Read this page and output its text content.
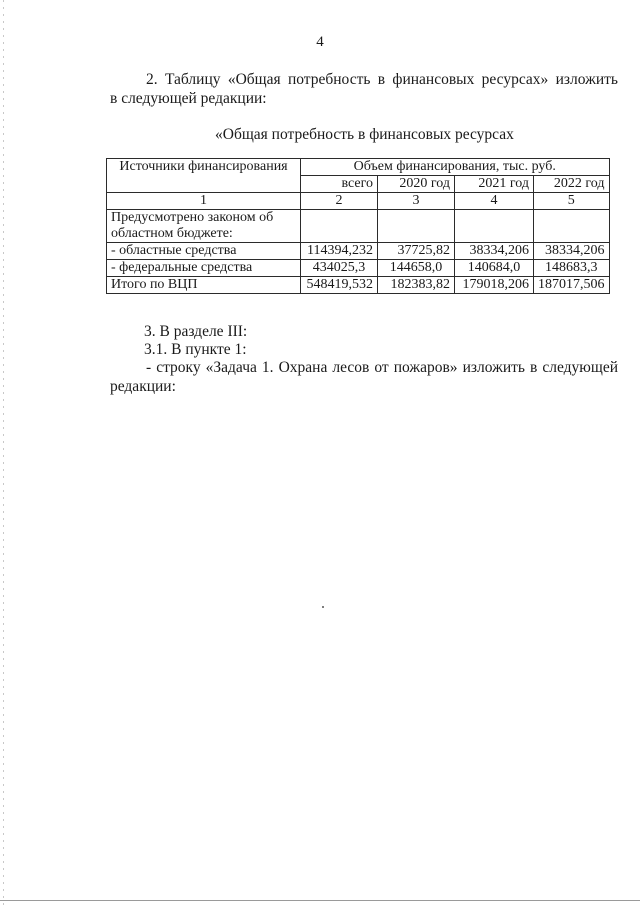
4
2. Таблицу «Общая потребность в финансовых ресурсах» изложить
в следующей редакции:
«Общая потребность в финансовых ресурсах
Источники финансирования	Объем финансирования, тыс. руб.			
	всего	2020 год	2021 год	2022 год
1	2	3	4	5

Предусмотрено законом об
областном бюджете:				

- областные средства	114394,232	37725,82	38334,206	38334,206
- федеральные средства	434025,3	144658,0	140684,0	148683,3
Итого по ВЦП	548419,532	182383,82	179018,206	187017,506
3. В разделе III:
3.1. В пункте 1:
- строку «Задача 1. Охрана лесов от пожаров» изложить в следующей
редакции:
